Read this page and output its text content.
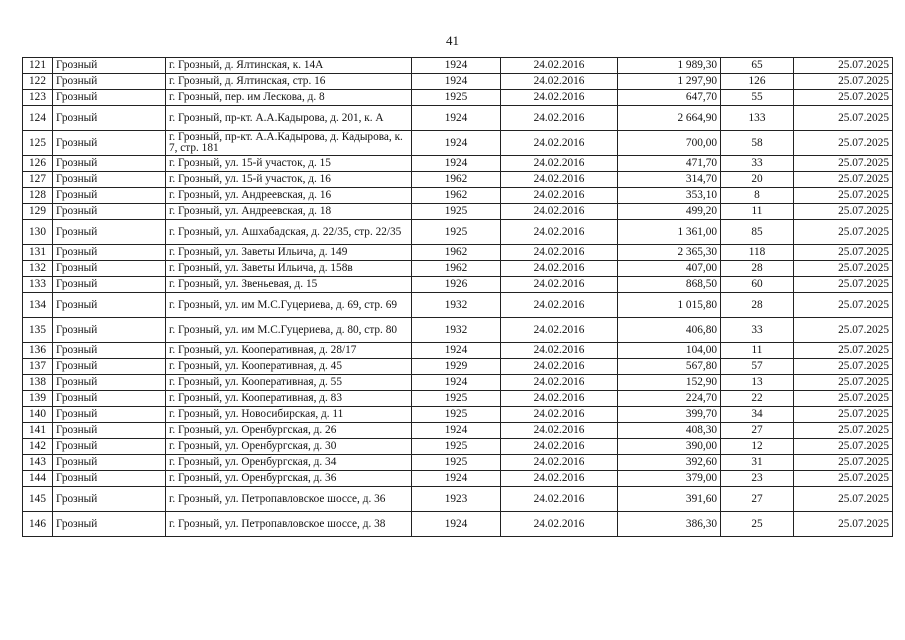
41
121	Грозный	г. Грозный, д. Ялтинская, к. 14А	1924	24.02.2016	1 989,30	65	25.07.2025
122	Грозный	г. Грозный, д. Ялтинская, стр. 16	1924	24.02.2016	1 297,90	126	25.07.2025
123	Грозный	г. Грозный, пер. им Лескова, д. 8	1925	24.02.2016	647,70	55	25.07.2025
124	Грозный	г. Грозный, пр-кт. А.А.Кадырова, д. 201, к. А	1924	24.02.2016	2 664,90	133	25.07.2025
125	Грозный	г. Грозный, пр-кт. А.А.Кадырова, д. Кадырова, к. 7, стр. 181	1924	24.02.2016	700,00	58	25.07.2025
126	Грозный	г. Грозный, ул. 15-й участок, д. 15	1924	24.02.2016	471,70	33	25.07.2025
127	Грозный	г. Грозный, ул. 15-й участок, д. 16	1962	24.02.2016	314,70	20	25.07.2025
128	Грозный	г. Грозный, ул. Андреевская, д. 16	1962	24.02.2016	353,10	8	25.07.2025
129	Грозный	г. Грозный, ул. Андреевская, д. 18	1925	24.02.2016	499,20	11	25.07.2025
130	Грозный	г. Грозный, ул. Ашхабадская, д. 22/35, стр. 22/35	1925	24.02.2016	1 361,00	85	25.07.2025
131	Грозный	г. Грозный, ул. Заветы Ильича, д. 149	1962	24.02.2016	2 365,30	118	25.07.2025
132	Грозный	г. Грозный, ул. Заветы Ильича, д. 158в	1962	24.02.2016	407,00	28	25.07.2025
133	Грозный	г. Грозный, ул. Звеньевая, д. 15	1926	24.02.2016	868,50	60	25.07.2025
134	Грозный	г. Грозный, ул. им М.С.Гуцериева, д. 69, стр. 69	1932	24.02.2016	1 015,80	28	25.07.2025
135	Грозный	г. Грозный, ул. им М.С.Гуцериева, д. 80, стр. 80	1932	24.02.2016	406,80	33	25.07.2025
136	Грозный	г. Грозный, ул. Кооперативная, д. 28/17	1924	24.02.2016	104,00	11	25.07.2025
137	Грозный	г. Грозный, ул. Кооперативная, д. 45	1929	24.02.2016	567,80	57	25.07.2025
138	Грозный	г. Грозный, ул. Кооперативная, д. 55	1924	24.02.2016	152,90	13	25.07.2025
139	Грозный	г. Грозный, ул. Кооперативная, д. 83	1925	24.02.2016	224,70	22	25.07.2025
140	Грозный	г. Грозный, ул. Новосибирская, д. 11	1925	24.02.2016	399,70	34	25.07.2025
141	Грозный	г. Грозный, ул. Оренбургская, д. 26	1924	24.02.2016	408,30	27	25.07.2025
142	Грозный	г. Грозный, ул. Оренбургская, д. 30	1925	24.02.2016	390,00	12	25.07.2025
143	Грозный	г. Грозный, ул. Оренбургская, д. 34	1925	24.02.2016	392,60	31	25.07.2025
144	Грозный	г. Грозный, ул. Оренбургская, д. 36	1924	24.02.2016	379,00	23	25.07.2025
145	Грозный	г. Грозный, ул. Петропавловское шоссе, д. 36	1923	24.02.2016	391,60	27	25.07.2025
146	Грозный	г. Грозный, ул. Петропавловское шоссе, д. 38	1924	24.02.2016	386,30	25	25.07.2025
